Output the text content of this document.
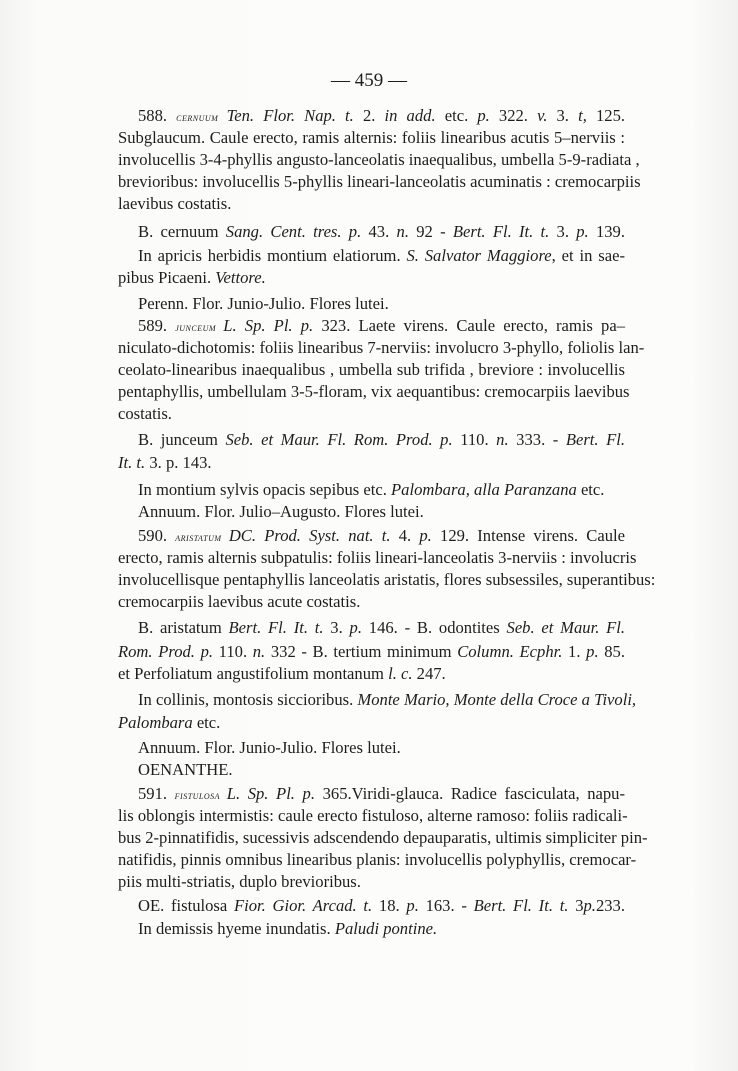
— 459 —
588. cernuum Ten. Flor. Nap. t. 2. in add. etc. p. 322. v. 3. t, 125.
Subglaucum. Caule erecto, ramis alternis: foliis linearibus acutis 5–nerviis :
involucellis 3-4-phyllis angusto-lanceolatis inaequalibus, umbella 5-9-radiata ,
brevioribus: involucellis 5-phyllis lineari-lanceolatis acuminatis : cremocarpiis
laevibus costatis.
B. cernuum Sang. Cent. tres. p. 43. n. 92 - Bert. Fl. It. t. 3. p. 139.
In apricis herbidis montium elatiorum. S. Salvator Maggiore, et in sae-
pibus Picaeni. Vettore.
Perenn. Flor. Junio-Julio. Flores lutei.
589. junceum L. Sp. Pl. p. 323. Laete virens. Caule erecto, ramis pa–
niculato-dichotomis: foliis linearibus 7-nerviis: involucro 3-phyllo, foliolis lan-
ceolato-linearibus inaequalibus , umbella sub trifida , breviore : involucellis
pentaphyllis, umbellulam 3-5-floram, vix aequantibus: cremocarpiis laevibus
costatis.
B. junceum Seb. et Maur. Fl. Rom. Prod. p. 110. n. 333. - Bert. Fl.
It. t. 3. p. 143.
In montium sylvis opacis sepibus etc. Palombara, alla Paranzana etc.
Annuum. Flor. Julio–Augusto. Flores lutei.
590. aristatum DC. Prod. Syst. nat. t. 4. p. 129. Intense virens. Caule
erecto, ramis alternis subpatulis: foliis lineari-lanceolatis 3-nerviis : involucris
involucellisque pentaphyllis lanceolatis aristatis, flores subsessiles, superantibus:
cremocarpiis laevibus acute costatis.
B. aristatum Bert. Fl. It. t. 3. p. 146. - B. odontites Seb. et Maur. Fl.
Rom. Prod. p. 110. n. 332 - B. tertium minimum Column. Ecphr. 1. p. 85.
et Perfoliatum angustifolium montanum l. c. 247.
In collinis, montosis siccioribus. Monte Mario, Monte della Croce a Tivoli,
Palombara etc.
Annuum. Flor. Junio-Julio. Flores lutei.
OENANTHE.
591. fistulosa L. Sp. Pl. p. 365.Viridi-glauca. Radice fasciculata, napu-
lis oblongis intermistis: caule erecto fistuloso, alterne ramoso: foliis radicali-
bus 2-pinnatifidis, sucessivis adscendendo depauparatis, ultimis simpliciter pin-
natifidis, pinnis omnibus linearibus planis: involucellis polyphyllis, cremocar-
piis multi-striatis, duplo brevioribus.
OE. fistulosa Fior. Gior. Arcad. t. 18. p. 163. - Bert. Fl. It. t. 3p.233.
In demissis hyeme inundatis. Paludi pontine.
